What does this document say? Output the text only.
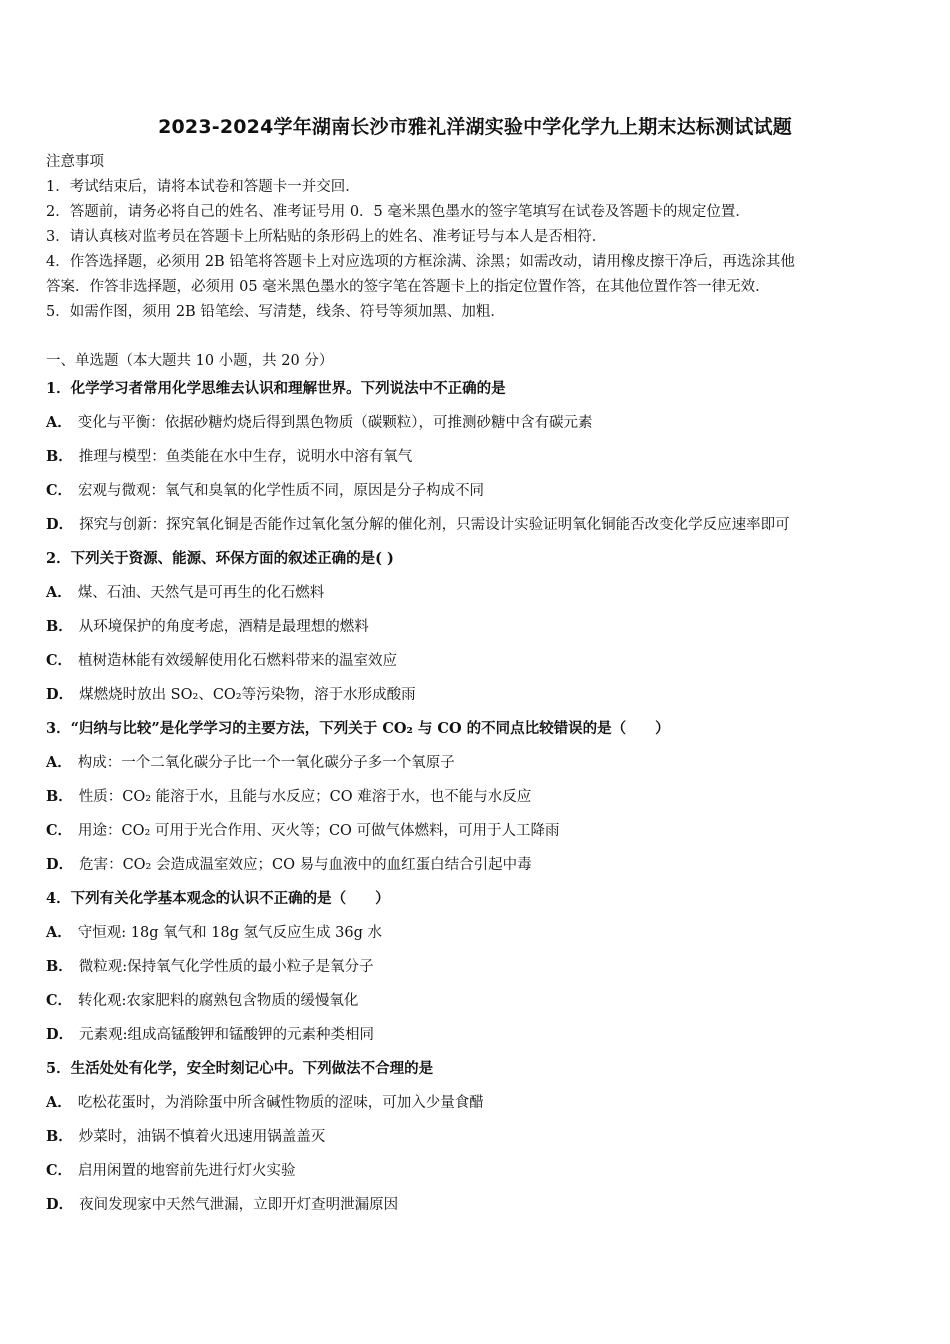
2023-2024学年湖南长沙市雅礼洋湖实验中学化学九上期末达标测试试题
注意事项
1．考试结束后，请将本试卷和答题卡一并交回．
2．答题前，请务必将自己的姓名、准考证号用 0．5 毫米黑色墨水的签字笔填写在试卷及答题卡的规定位置．
3．请认真核对监考员在答题卡上所粘贴的条形码上的姓名、准考证号与本人是否相符．
4．作答选择题，必须用 2B 铅笔将答题卡上对应选项的方框涂满、涂黑；如需改动，请用橡皮擦干净后，再选涂其他
答案．作答非选择题，必须用 05 毫米黑色墨水的签字笔在答题卡上的指定位置作答，在其他位置作答一律无效．
5．如需作图，须用 2B 铅笔绘、写清楚，线条、符号等须加黑、加粗．
一、单选题（本大题共 10 小题，共 20 分）
1．化学学习者常用化学思维去认识和理解世界。下列说法中不正确的是
A． 变化与平衡：依据砂糖灼烧后得到黑色物质（碳颗粒），可推测砂糖中含有碳元素
B． 推理与模型：鱼类能在水中生存，说明水中溶有氧气
C． 宏观与微观：氧气和臭氧的化学性质不同，原因是分子构成不同
D． 探究与创新：探究氧化铜是否能作过氧化氢分解的催化剂，只需设计实验证明氧化铜能否改变化学反应速率即可
2．下列关于资源、能源、环保方面的叙述正确的是( )
A． 煤、石油、天然气是可再生的化石燃料
B． 从环境保护的角度考虑，酒精是最理想的燃料
C． 植树造林能有效缓解使用化石燃料带来的温室效应
D． 煤燃烧时放出 SO₂、CO₂等污染物，溶于水形成酸雨
3．“归纳与比较”是化学学习的主要方法，下列关于 CO₂ 与 CO 的不同点比较错误的是（　　）
A． 构成：一个二氧化碳分子比一个一氧化碳分子多一个氧原子
B． 性质：CO₂ 能溶于水，且能与水反应；CO 难溶于水，也不能与水反应
C． 用途：CO₂ 可用于光合作用、灭火等；CO 可做气体燃料，可用于人工降雨
D． 危害：CO₂ 会造成温室效应；CO 易与血液中的血红蛋白结合引起中毒
4．下列有关化学基本观念的认识不正确的是（　　）
A． 守恒观: 18g 氧气和 18g 氢气反应生成 36g 水
B． 微粒观:保持氧气化学性质的最小粒子是氧分子
C． 转化观:农家肥料的腐熟包含物质的缓慢氧化
D． 元素观:组成高锰酸钾和锰酸钾的元素种类相同
5．生活处处有化学，安全时刻记心中。下列做法不合理的是
A． 吃松花蛋时，为消除蛋中所含碱性物质的涩味，可加入少量食醋
B． 炒菜时，油锅不慎着火迅速用锅盖盖灭
C． 启用闲置的地窖前先进行灯火实验
D． 夜间发现家中天然气泄漏，立即开灯查明泄漏原因
